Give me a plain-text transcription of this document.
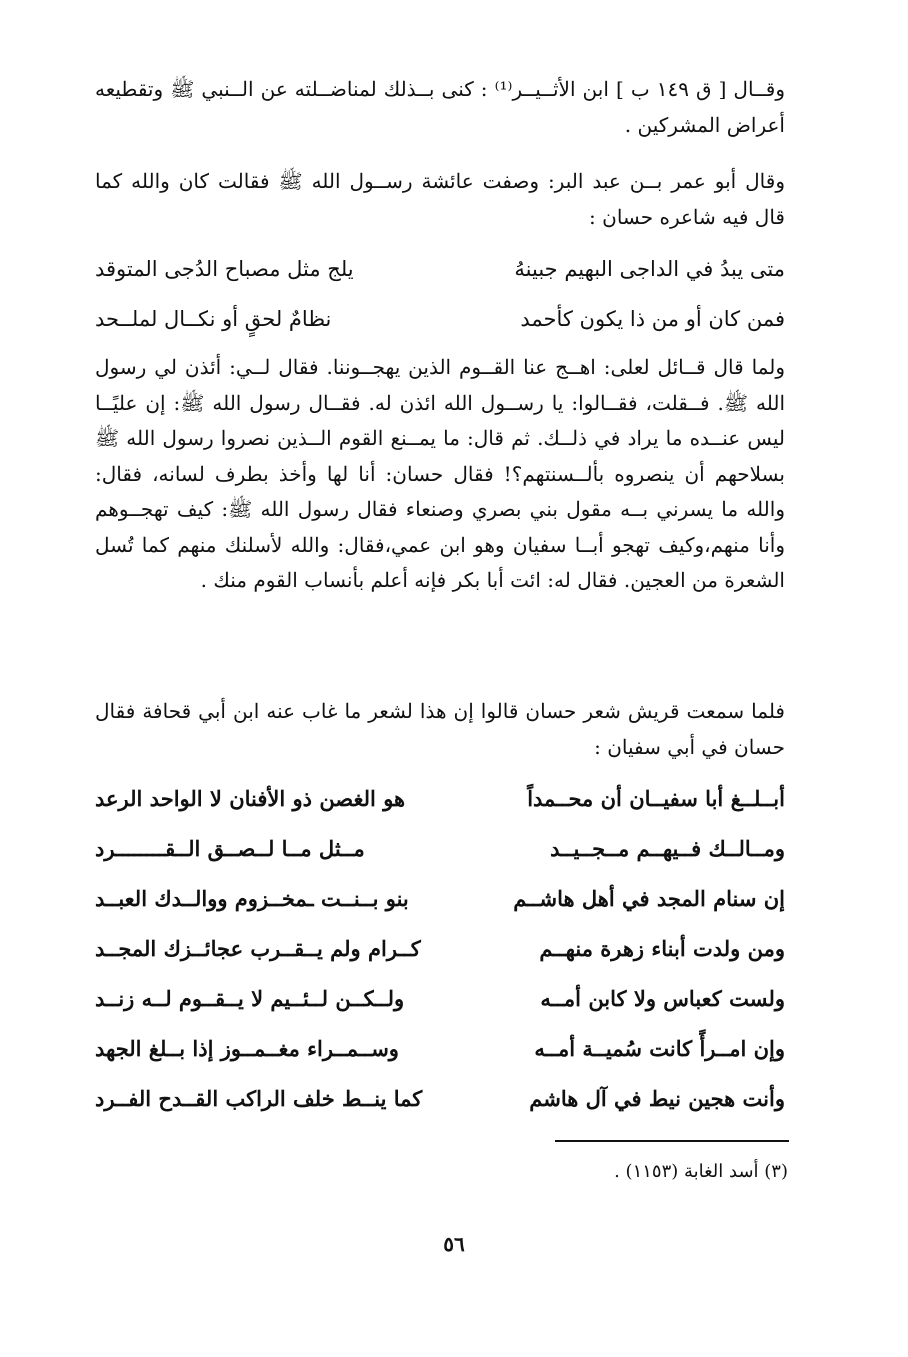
وقــال [ ق ١٤٩ ب ] ابن الأثــيــر⁽¹⁾ : كنى بــذلك لمناضــلته عن الــنبي ﷺ وتقطيعه أعراض المشركين .

وقال أبو عمر بــن عبد البر: وصفت عائشة رســول الله ﷺ فقالت كان والله كما قال فيه شاعره حسان :

متى يبدُ في الداجى البهيم جبينهُ
يلج مثل مصباح الدُجى المتوقد
فمن كان أو من ذا يكون كأحمد
نظامٌ لحقٍ أو نكــال لملــحد

ولما قال قــائل لعلى: اهــج عنا القــوم الذين يهجــوننا. فقال لــي: أئذن لي رسول الله ﷺ. فــقلت، فقــالوا: يا رســول الله ائذن له. فقــال رسول الله ﷺ: إن عليًــا ليس عنــده ما يراد في ذلــك. ثم قال: ما يمــنع القوم الــذين نصروا رسول الله ﷺ بسلاحهم أن ينصروه بألــسنتهم؟! فقال حسان: أنا لها وأخذ بطرف لسانه، فقال: والله ما يسرني بــه مقول بني بصري وصنعاء فقال رسول الله ﷺ: كيف تهجــوهم وأنا منهم،وكيف تهجو أبــا سفيان وهو ابن عمي،فقال: والله لأسلنك منهم كما تُسل الشعرة من العجين. فقال له: ائت أبا بكر فإنه أعلم بأنساب القوم منك .

فلما سمعت قريش شعر حسان قالوا إن هذا لشعر ما غاب عنه ابن أبي قحافة فقال حسان في أبي سفيان :

أبــلــغ أبا سفيــان أن محــمداً
هو الغصن ذو الأفنان لا الواحد الرعد
ومــالــك فــيهــم مــجــيــد
مــثل مــا لــصــق الــقــــــــرد
إن سنام المجد في أهل هاشــم
بنو بــنــت ـمخــزوم ووالــدك العبــد
ومن ولدت أبناء زهرة منهــم
كــرام ولم يــقــرب عجائــزك المجــد
ولست كعباس ولا كابن أمــه
ولــكــن لــئــيم لا يــقــوم لــه زنــد
وإن امــرأً كانت سُميــة أمــه
وســمــراء مغــمــوز إذا بــلغ الجهد
وأنت هجين نيط في آل هاشم
كما ينــط خلف الراكب القــدح الفــرد
(٣) أسد الغابة (١١٥٣) .
٥٦
